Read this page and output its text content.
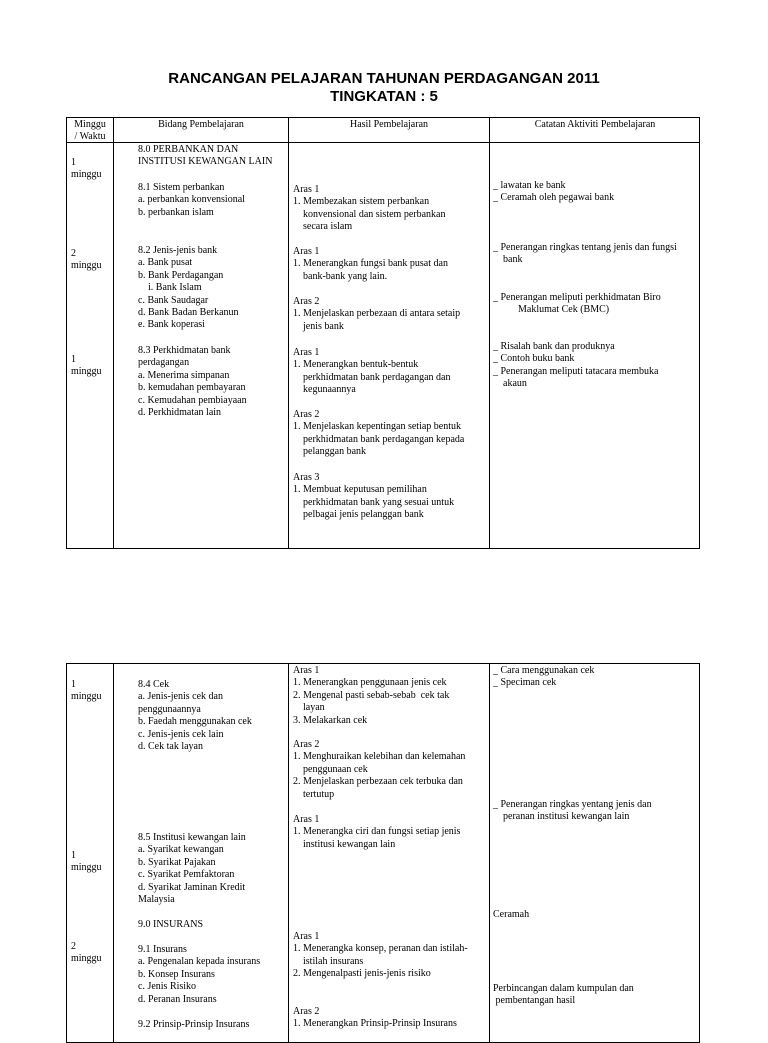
RANCANGAN PELAJARAN TAHUNAN PERDAGANGAN 2011
TINGKATAN : 5
Minggu
/ Waktu
Bidang Pembelajaran	Hasil Pembelajaran	Catatan Aktiviti Pembelajaran
1
minggu
2
minggu
1
minggu
8.0 PERBANKAN DAN
INSTITUSI KEWANGAN LAIN
8.1 Sistem perbankan
a. perbankan konvensional
b. perbankan islam
8.2 Jenis-jenis bank
a. Bank pusat
b. Bank Perdagangan
i. Bank Islam
c. Bank Saudagar
d. Bank Badan Berkanun
e. Bank koperasi
8.3 Perkhidmatan bank
perdagangan
a. Menerima simpanan
b. kemudahan pembayaran
c. Kemudahan pembiayaan
d. Perkhidmatan lain
Aras 1
1. Membezakan sistem perbankan
konvensional dan sistem perbankan
secara islam
Aras 1
1. Menerangkan fungsi bank pusat dan
bank-bank yang lain.
Aras 2
1. Menjelaskan perbezaan di antara setaip
jenis bank
Aras 1
1. Menerangkan bentuk-bentuk
perkhidmatan bank perdagangan dan
kegunaannya
Aras 2
1. Menjelaskan kepentingan setiap bentuk
perkhidmatan bank perdagangan kepada
pelanggan bank
Aras 3
1. Membuat keputusan pemilihan
perkhidmatan bank yang sesuai untuk
pelbagai jenis pelanggan bank
_ lawatan ke bank
_ Ceramah oleh pegawai bank
_ Penerangan ringkas tentang jenis dan fungsi
bank
_ Penerangan meliputi perkhidmatan Biro
Maklumat Cek (BMC)
_ Risalah bank dan produknya
_ Contoh buku bank
_ Penerangan meliputi tatacara membuka
akaun
1
minggu
1
minggu
2
minggu
8.4 Cek
a. Jenis-jenis cek dan
penggunaannya
b. Faedah menggunakan cek
c. Jenis-jenis cek lain
d. Cek tak layan
8.5 Institusi kewangan lain
a. Syarikat kewangan
b. Syarikat Pajakan
c. Syarikat Pemfaktoran
d. Syarikat Jaminan Kredit
Malaysia
9.0 INSURANS
9.1 Insurans
a. Pengenalan kepada insurans
b. Konsep Insurans
c. Jenis Risiko
d. Peranan Insurans
9.2 Prinsip-Prinsip Insurans
Aras 1
1. Menerangkan penggunaan jenis cek
2. Mengenal pasti sebab-sebab  cek tak
layan
3. Melakarkan cek
Aras 2
1. Menghuraikan kelebihan dan kelemahan
penggunaan cek
2. Menjelaskan perbezaan cek terbuka dan
tertutup
Aras 1
1. Menerangka ciri dan fungsi setiap jenis
institusi kewangan lain
Aras 1
1. Menerangka konsep, peranan dan istilah-
istilah insurans
2. Mengenalpasti jenis-jenis risiko
Aras 2
1. Menerangkan Prinsip-Prinsip Insurans
_ Cara menggunakan cek
_ Speciman cek
_ Penerangan ringkas yentang jenis dan
peranan institusi kewangan lain
Ceramah
Perbincangan dalam kumpulan dan
pembentangan hasil
